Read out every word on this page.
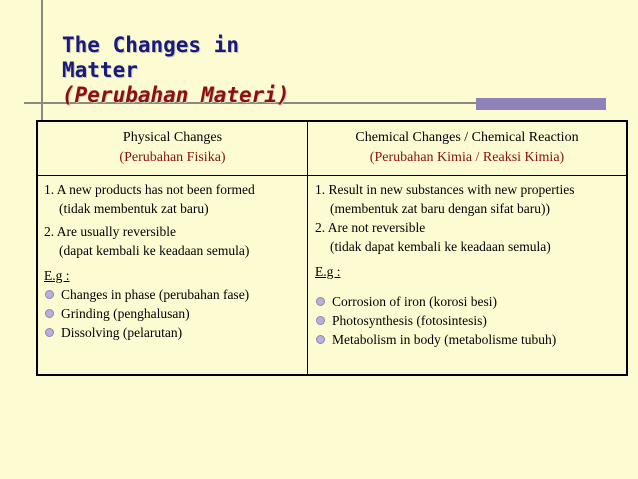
The Changes in
Matter
(Perubahan Materi)
Physical Changes
(Perubahan Fisika)
Chemical Changes / Chemical Reaction
(Perubahan Kimia / Reaksi Kimia)
1. A new products has not been formed
(tidak membentuk zat baru)
2. Are usually reversible
(dapat kembali ke keadaan semula)
E.g :
Changes in phase (perubahan fase)
Grinding (penghalusan)
Dissolving (pelarutan)
1. Result in new substances with new properties
(membentuk zat baru dengan sifat baru))
2. Are not reversible
(tidak dapat kembali ke keadaan semula)
E.g :
Corrosion of iron (korosi besi)
Photosynthesis (fotosintesis)
Metabolism in body (metabolisme tubuh)
